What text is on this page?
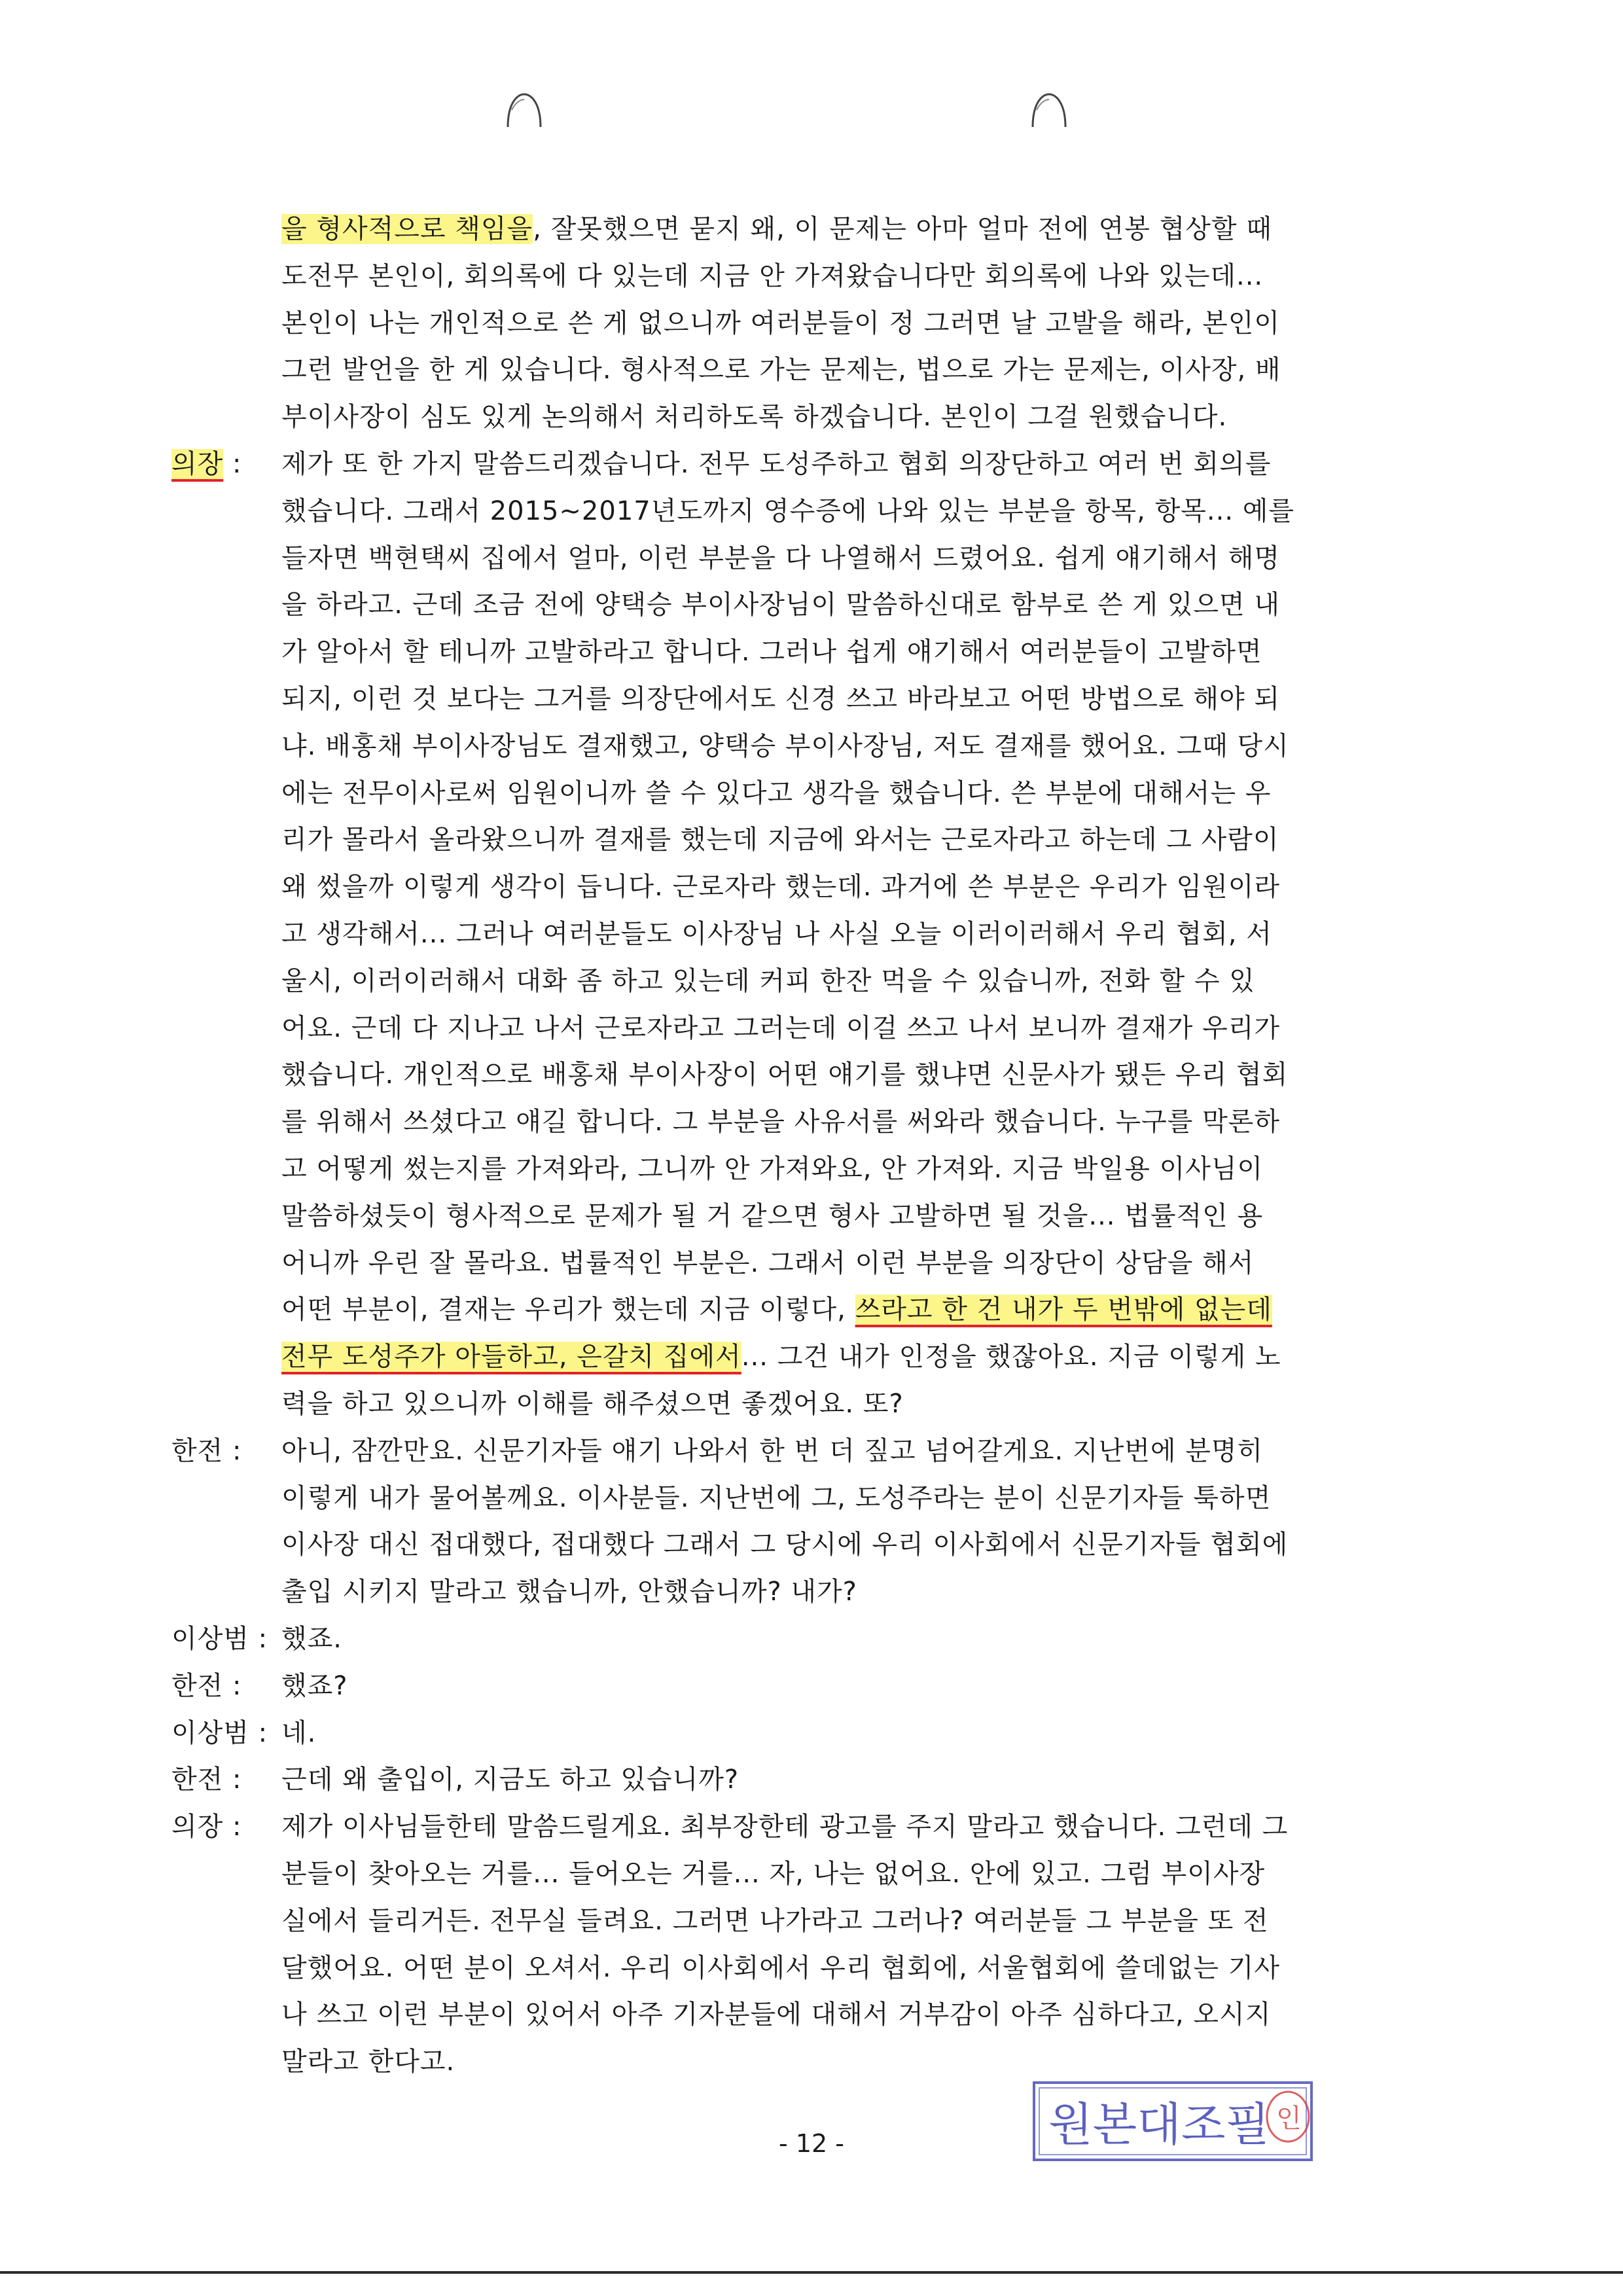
을 형사적으로 책임을, 잘못했으면 묻지 왜, 이 문제는 아마 얼마 전에 연봉 협상할 때
도전무 본인이, 회의록에 다 있는데 지금 안 가져왔습니다만 회의록에 나와 있는데...
본인이 나는 개인적으로 쓴 게 없으니까 여러분들이 정 그러면 날 고발을 해라, 본인이
그런 발언을 한 게 있습니다. 형사적으로 가는 문제는, 법으로 가는 문제는, 이사장, 배
부이사장이 심도 있게 논의해서 처리하도록 하겠습니다. 본인이 그걸 원했습니다.
의장 : 제가 또 한 가지 말씀드리겠습니다. 전무 도성주하고 협회 의장단하고 여러 번 회의를
했습니다. 그래서 2015~2017년도까지 영수증에 나와 있는 부분을 항목, 항목... 예를
들자면 백현택씨 집에서 얼마, 이런 부분을 다 나열해서 드렸어요. 쉽게 얘기해서 해명
을 하라고. 근데 조금 전에 양택승 부이사장님이 말씀하신대로 함부로 쓴 게 있으면 내
가 알아서 할 테니까 고발하라고 합니다. 그러나 쉽게 얘기해서 여러분들이 고발하면
되지, 이런 것 보다는 그거를 의장단에서도 신경 쓰고 바라보고 어떤 방법으로 해야 되
냐. 배홍채 부이사장님도 결재했고, 양택승 부이사장님, 저도 결재를 했어요. 그때 당시
에는 전무이사로써 임원이니까 쓸 수 있다고 생각을 했습니다. 쓴 부분에 대해서는 우
리가 몰라서 올라왔으니까 결재를 했는데 지금에 와서는 근로자라고 하는데 그 사람이
왜 썼을까 이렇게 생각이 듭니다. 근로자라 했는데. 과거에 쓴 부분은 우리가 임원이라
고 생각해서... 그러나 여러분들도 이사장님 나 사실 오늘 이러이러해서 우리 협회, 서
울시, 이러이러해서 대화 좀 하고 있는데 커피 한잔 먹을 수 있습니까, 전화 할 수 있
어요. 근데 다 지나고 나서 근로자라고 그러는데 이걸 쓰고 나서 보니까 결재가 우리가
했습니다. 개인적으로 배홍채 부이사장이 어떤 얘기를 했냐면 신문사가 됐든 우리 협회
를 위해서 쓰셨다고 얘길 합니다. 그 부분을 사유서를 써와라 했습니다. 누구를 막론하
고 어떻게 썼는지를 가져와라, 그니까 안 가져와요, 안 가져와. 지금 박일용 이사님이
말씀하셨듯이 형사적으로 문제가 될 거 같으면 형사 고발하면 될 것을... 법률적인 용
어니까 우린 잘 몰라요. 법률적인 부분은. 그래서 이런 부분을 의장단이 상담을 해서
어떤 부분이, 결재는 우리가 했는데 지금 이렇다, 쓰라고 한 건 내가 두 번밖에 없는데
전무 도성주가 아들하고, 은갈치 집에서... 그건 내가 인정을 했잖아요. 지금 이렇게 노
력을 하고 있으니까 이해를 해주셨으면 좋겠어요. 또?
한전 : 아니, 잠깐만요. 신문기자들 얘기 나와서 한 번 더 짚고 넘어갈게요. 지난번에 분명히
이렇게 내가 물어볼께요. 이사분들. 지난번에 그, 도성주라는 분이 신문기자들 툭하면
이사장 대신 접대했다, 접대했다 그래서 그 당시에 우리 이사회에서 신문기자들 협회에
출입 시키지 말라고 했습니까, 안했습니까? 내가?
이상범 : 했죠.
한전 : 했죠?
이상범 : 네.
한전 : 근데 왜 출입이, 지금도 하고 있습니까?
의장 : 제가 이사님들한테 말씀드릴게요. 최부장한테 광고를 주지 말라고 했습니다. 그런데 그
분들이 찾아오는 거를... 들어오는 거를... 자, 나는 없어요. 안에 있고. 그럼 부이사장
실에서 들리거든. 전무실 들려요. 그러면 나가라고 그러나? 여러분들 그 부분을 또 전
달했어요. 어떤 분이 오셔서. 우리 이사회에서 우리 협회에, 서울협회에 쓸데없는 기사
나 쓰고 이런 부분이 있어서 아주 기자분들에 대해서 거부감이 아주 심하다고, 오시지
말라고 한다고.
- 12 -	원본대조필 인
